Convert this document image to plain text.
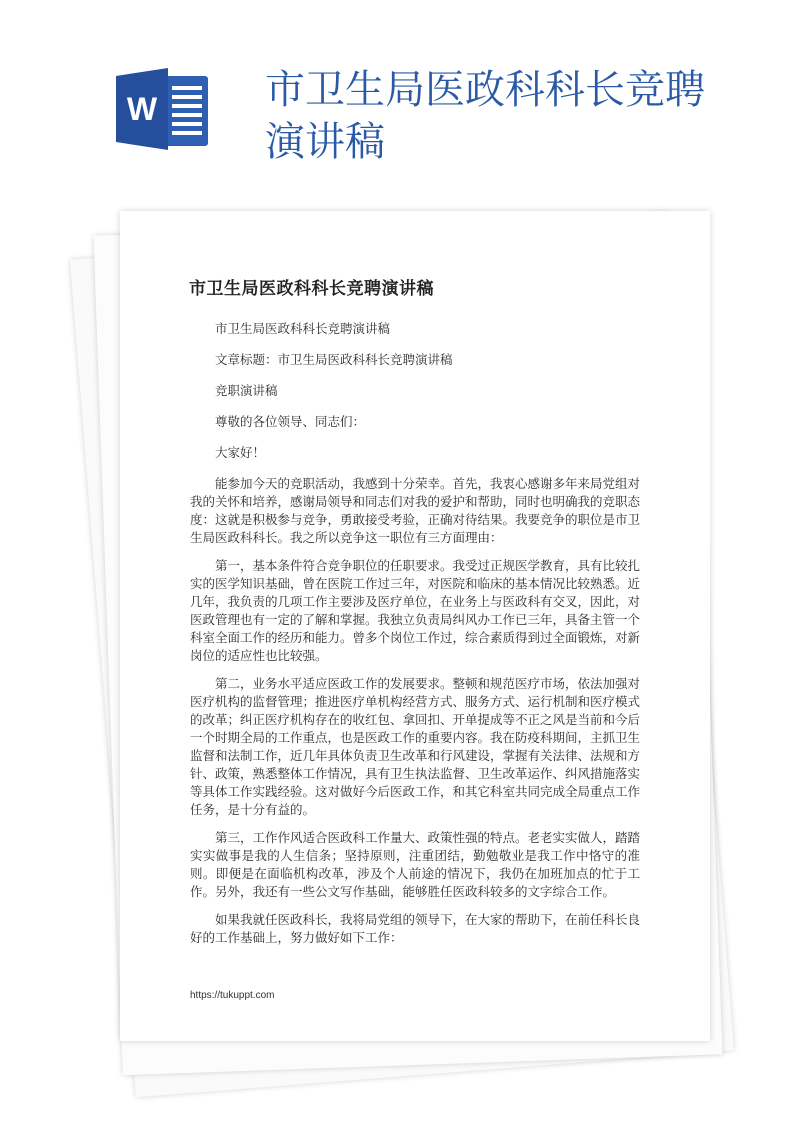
W	市卫生局医政科科长竞聘演讲稿
市卫生局医政科科长竞聘演讲稿

市卫生局医政科科长竞聘演讲稿

文章标题：市卫生局医政科科长竞聘演讲稿

竞职演讲稿

尊敬的各位领导、同志们：

大家好！

能参加今天的竞职活动，我感到十分荣幸。首先，我衷心感谢多年来局党组对我的关怀和培养，感谢局领导和同志们对我的爱护和帮助，同时也明确我的竞职态度：这就是积极参与竞争，勇敢接受考验，正确对待结果。我要竞争的职位是市卫生局医政科科长。我之所以竞争这一职位有三方面理由：

第一，基本条件符合竞争职位的任职要求。我受过正规医学教育，具有比较扎实的医学知识基础，曾在医院工作过三年，对医院和临床的基本情况比较熟悉。近几年，我负责的几项工作主要涉及医疗单位，在业务上与医政科有交叉，因此，对医政管理也有一定的了解和掌握。我独立负责局纠风办工作已三年，具备主管一个科室全面工作的经历和能力。曾多个岗位工作过，综合素质得到过全面锻炼，对新岗位的适应性也比较强。

第二，业务水平适应医政工作的发展要求。整顿和规范医疗市场，依法加强对医疗机构的监督管理；推进医疗单机构经营方式、服务方式、运行机制和医疗模式的改革；纠正医疗机构存在的收红包、拿回扣、开单提成等不正之风是当前和今后一个时期全局的工作重点，也是医政工作的重要内容。我在防疫科期间，主抓卫生监督和法制工作，近几年具体负责卫生改革和行风建设，掌握有关法律、法规和方针、政策，熟悉整体工作情况，具有卫生执法监督、卫生改革运作、纠风措施落实等具体工作实践经验。这对做好今后医政工作，和其它科室共同完成全局重点工作任务，是十分有益的。

第三，工作作风适合医政科工作量大、政策性强的特点。老老实实做人，踏踏实实做事是我的人生信条；坚持原则，注重团结，勤勉敬业是我工作中恪守的准则。即便是在面临机构改革，涉及个人前途的情况下，我仍在加班加点的忙于工作。另外，我还有一些公文写作基础，能够胜任医政科较多的文字综合工作。

如果我就任医政科长，我将局党组的领导下，在大家的帮助下，在前任科长良好的工作基础上，努力做好如下工作：

https://tukuppt.com
